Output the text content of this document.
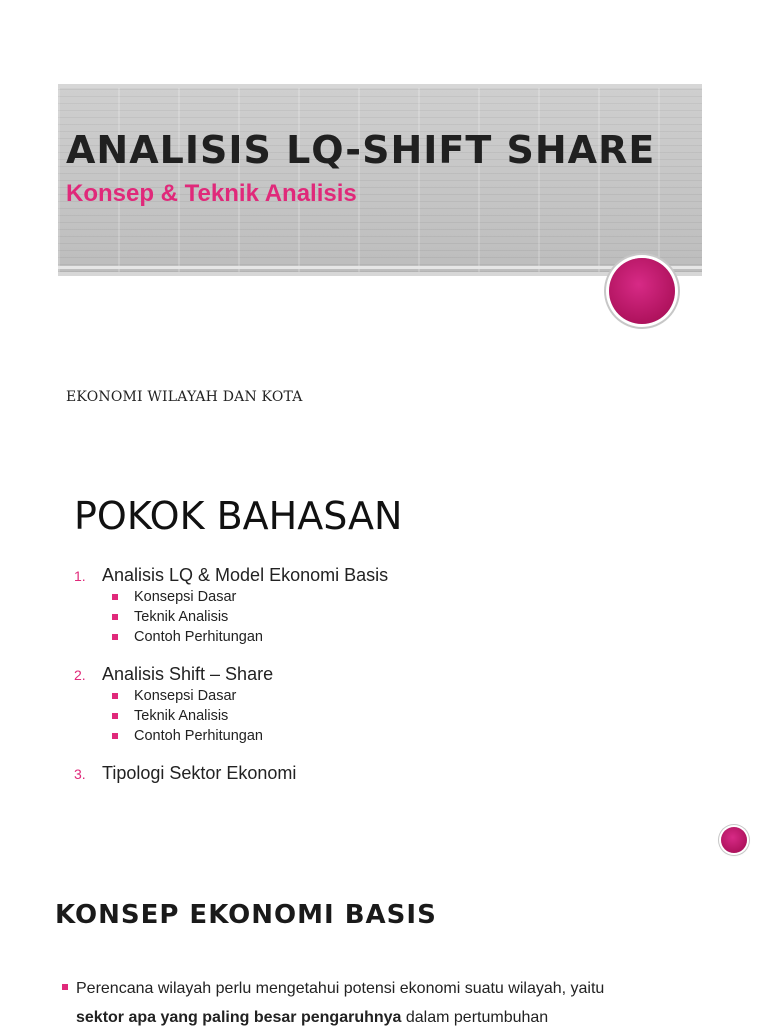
ANALISIS LQ-SHIFT SHARE
Konsep & Teknik Analisis
EKONOMI WILAYAH DAN KOTA
POKOK BAHASAN
1. Analisis LQ & Model Ekonomi Basis
Konsepsi Dasar
Teknik Analisis
Contoh Perhitungan
2. Analisis Shift – Share
Konsepsi Dasar
Teknik Analisis
Contoh Perhitungan
3. Tipologi Sektor Ekonomi
KONSEP EKONOMI BASIS
Perencana wilayah perlu mengetahui potensi ekonomi suatu wilayah, yaitu
sektor apa yang paling besar pengaruhnya dalam pertumbuhan
